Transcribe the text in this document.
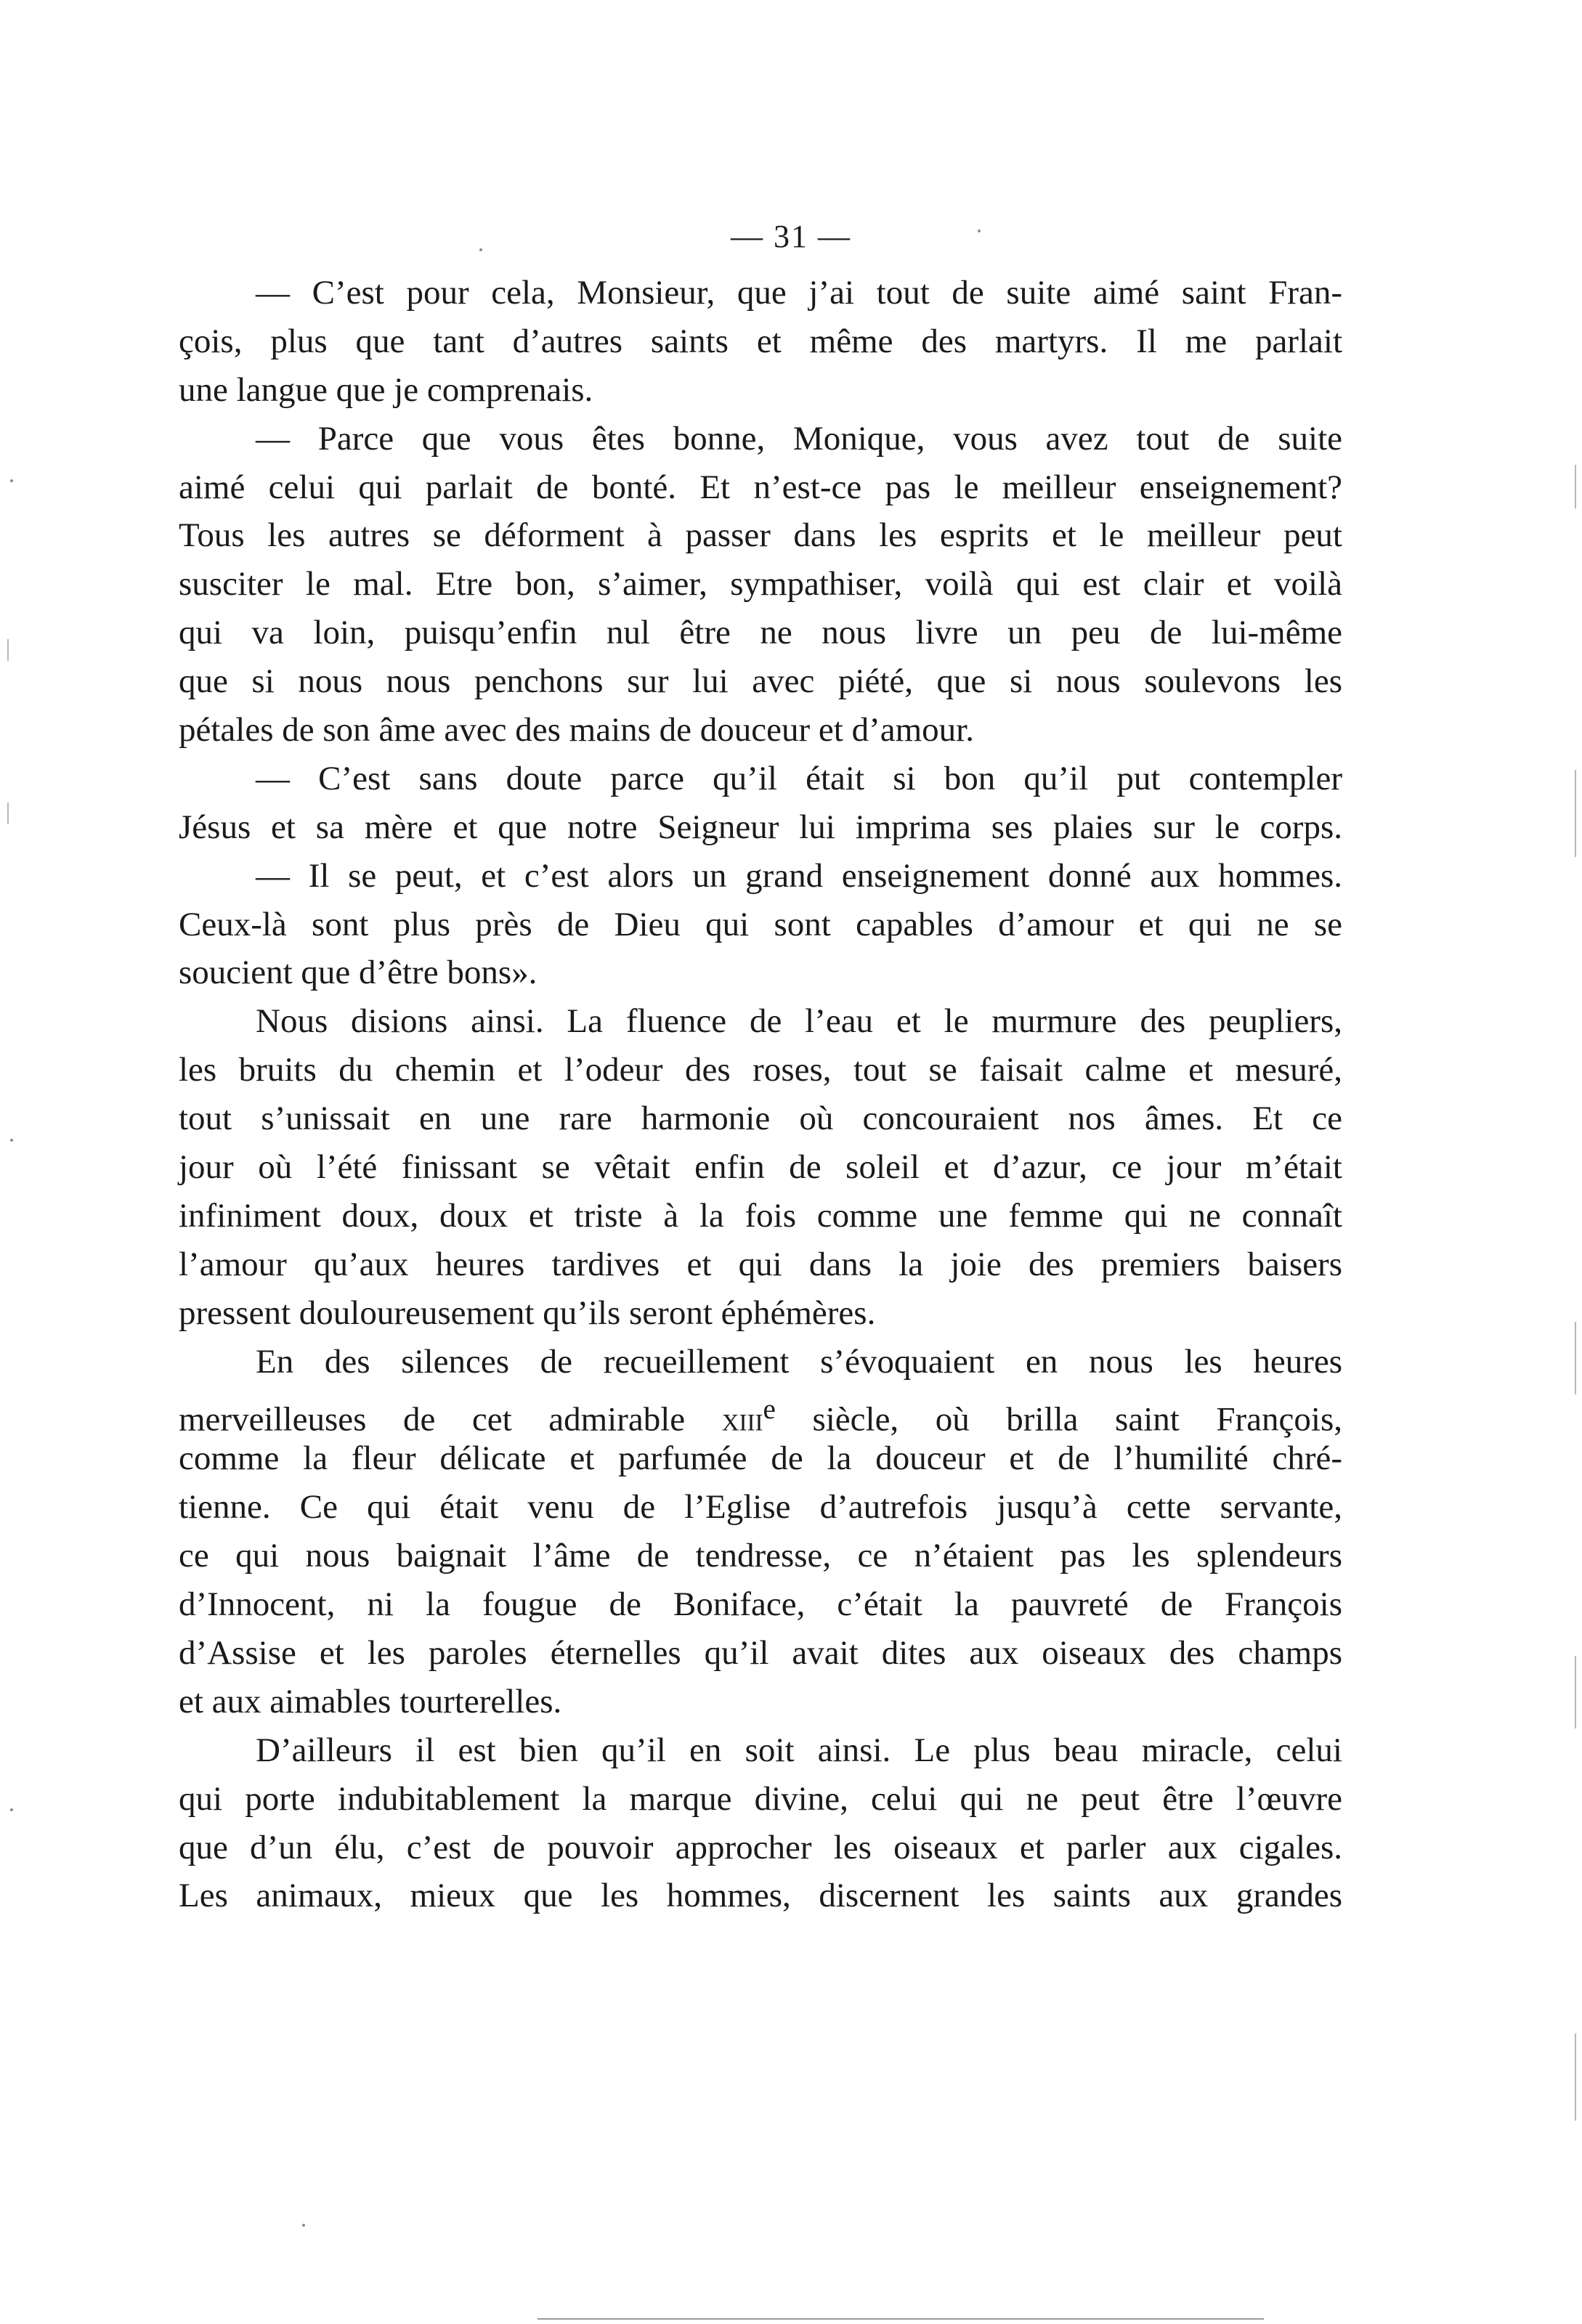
— 31 —
— C’est pour cela, Monsieur, que j’ai tout de suite aimé saint Fran-
çois, plus que tant d’autres saints et même des martyrs. Il me parlait
une langue que je comprenais.
— Parce que vous êtes bonne, Monique, vous avez tout de suite
aimé celui qui parlait de bonté. Et n’est-ce pas le meilleur enseignement?
Tous les autres se déforment à passer dans les esprits et le meilleur peut
susciter le mal. Etre bon, s’aimer, sympathiser, voilà qui est clair et voilà
qui va loin, puisqu’enfin nul être ne nous livre un peu de lui-même
que si nous nous penchons sur lui avec piété, que si nous soulevons les
pétales de son âme avec des mains de douceur et d’amour.
— C’est sans doute parce qu’il était si bon qu’il put contempler
Jésus et sa mère et que notre Seigneur lui imprima ses plaies sur le corps.
— Il se peut, et c’est alors un grand enseignement donné aux hommes.
Ceux-là sont plus près de Dieu qui sont capables d’amour et qui ne se
soucient que d’être bons».
Nous disions ainsi. La fluence de l’eau et le murmure des peupliers,
les bruits du chemin et l’odeur des roses, tout se faisait calme et mesuré,
tout s’unissait en une rare harmonie où concouraient nos âmes. Et ce
jour où l’été finissant se vêtait enfin de soleil et d’azur, ce jour m’était
infiniment doux, doux et triste à la fois comme une femme qui ne connaît
l’amour qu’aux heures tardives et qui dans la joie des premiers baisers
pressent douloureusement qu’ils seront éphémères.
En des silences de recueillement s’évoquaient en nous les heures
merveilleuses de cet admirable xiii$^e$ siècle, où brilla saint François,
comme la fleur délicate et parfumée de la douceur et de l’humilité chré-
tienne. Ce qui était venu de l’Eglise d’autrefois jusqu’à cette servante,
ce qui nous baignait l’âme de tendresse, ce n’étaient pas les splendeurs
d’Innocent, ni la fougue de Boniface, c’était la pauvreté de François
d’Assise et les paroles éternelles qu’il avait dites aux oiseaux des champs
et aux aimables tourterelles.
D’ailleurs il est bien qu’il en soit ainsi. Le plus beau miracle, celui
qui porte indubitablement la marque divine, celui qui ne peut être l’œuvre
que d’un élu, c’est de pouvoir approcher les oiseaux et parler aux cigales.
Les animaux, mieux que les hommes, discernent les saints aux grandes
